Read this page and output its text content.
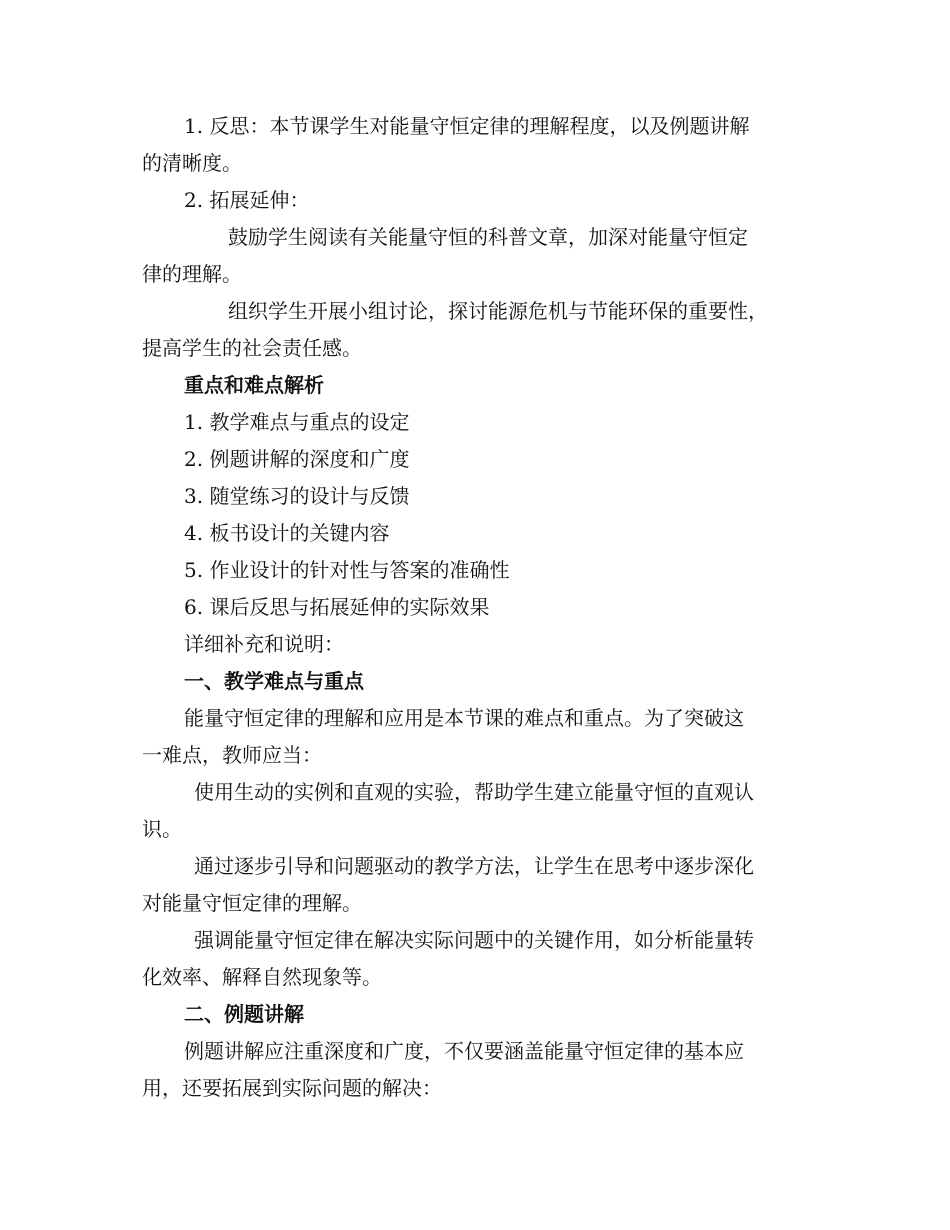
1. 反思：本节课学生对能量守恒定律的理解程度，以及例题讲解
的清晰度。
2. 拓展延伸：
鼓励学生阅读有关能量守恒的科普文章，加深对能量守恒定
律的理解。
组织学生开展小组讨论，探讨能源危机与节能环保的重要性，
提高学生的社会责任感。
重点和难点解析
1. 教学难点与重点的设定
2. 例题讲解的深度和广度
3. 随堂练习的设计与反馈
4. 板书设计的关键内容
5. 作业设计的针对性与答案的准确性
6. 课后反思与拓展延伸的实际效果
详细补充和说明：
一、教学难点与重点
能量守恒定律的理解和应用是本节课的难点和重点。为了突破这
一难点，教师应当：
使用生动的实例和直观的实验，帮助学生建立能量守恒的直观认
识。
通过逐步引导和问题驱动的教学方法，让学生在思考中逐步深化
对能量守恒定律的理解。
强调能量守恒定律在解决实际问题中的关键作用，如分析能量转
化效率、解释自然现象等。
二、例题讲解
例题讲解应注重深度和广度，不仅要涵盖能量守恒定律的基本应
用，还要拓展到实际问题的解决：
